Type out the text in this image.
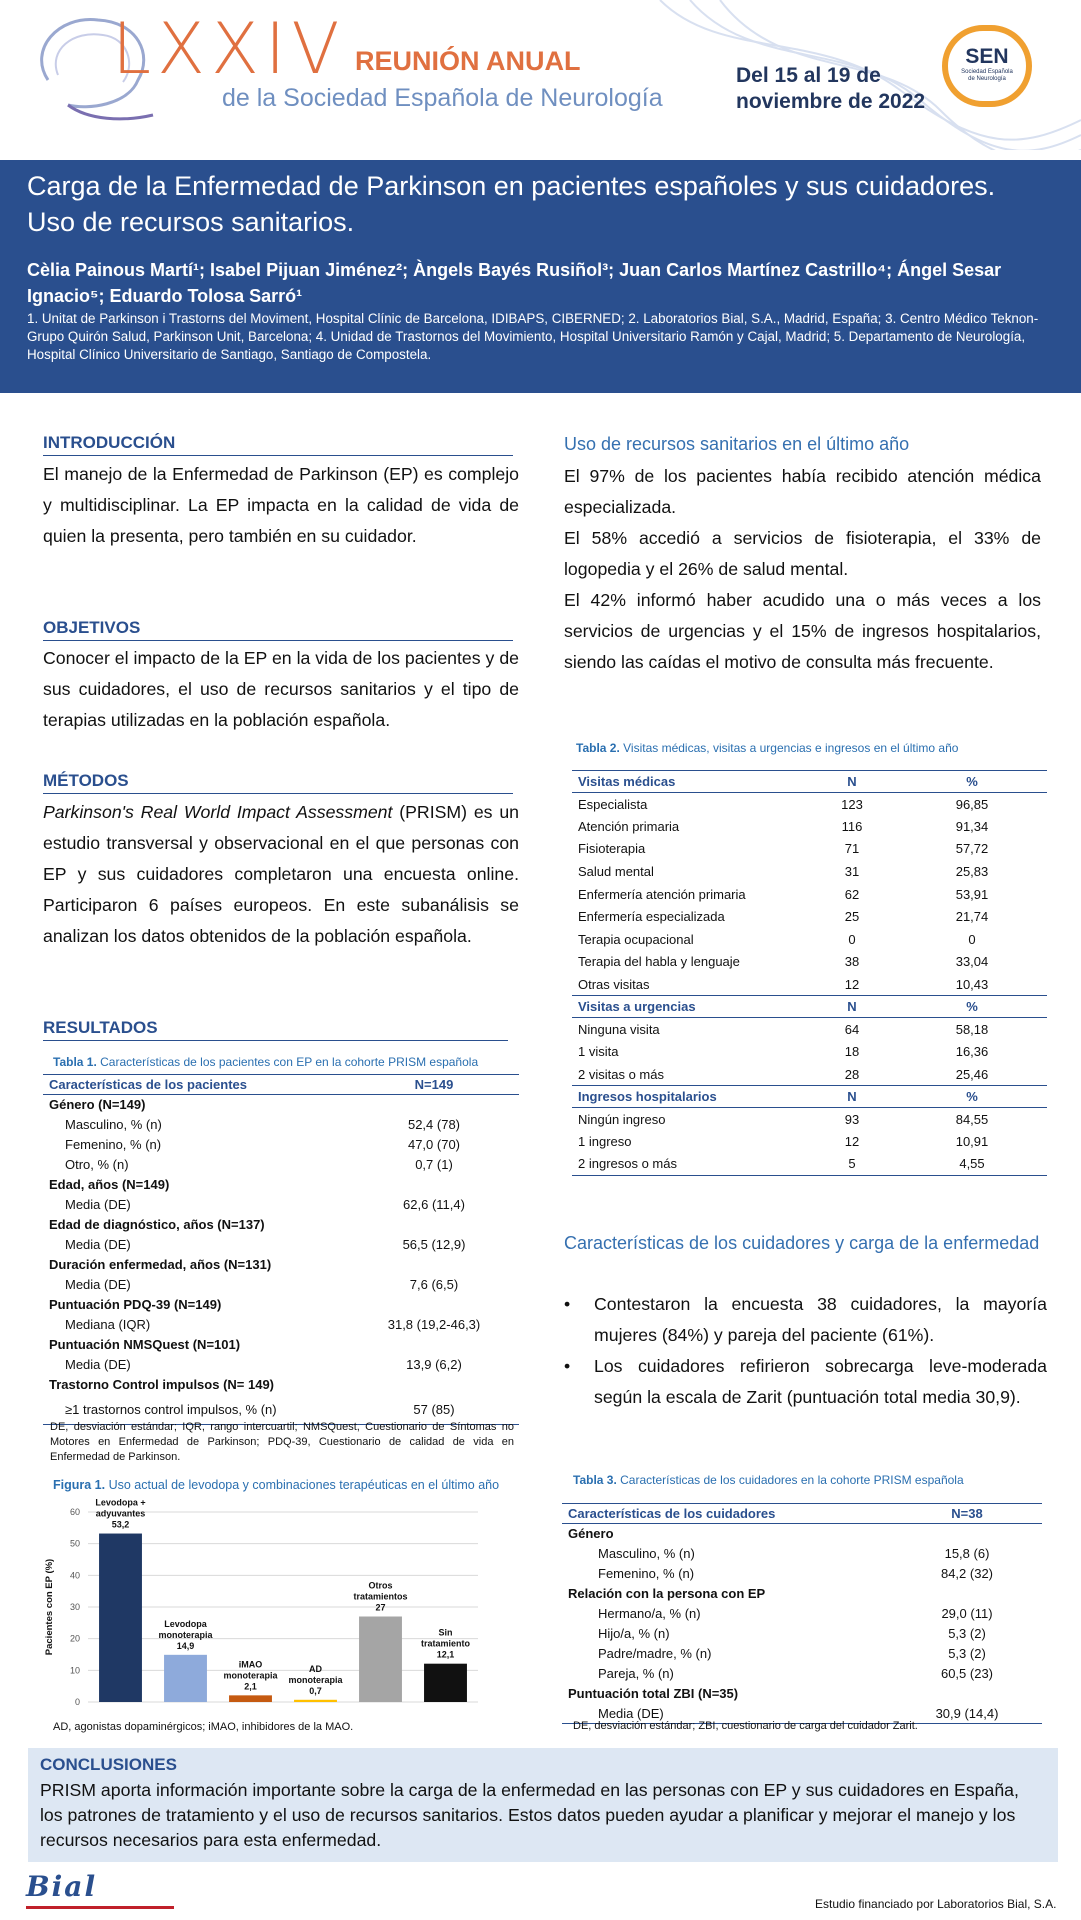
LXXIV REUNIÓN ANUAL
de la Sociedad Española de Neurología
Del 15 al 19 de
noviembre de 2022
SEN
Sociedad Española
de Neurología
Carga de la Enfermedad de Parkinson en pacientes españoles y sus cuidadores.
Uso de recursos sanitarios.
Cèlia Painous Martí¹; Isabel Pijuan Jiménez²; Àngels Bayés Rusiñol³; Juan Carlos Martínez Castrillo⁴; Ángel Sesar Ignacio⁵; Eduardo Tolosa Sarró¹
1. Unitat de Parkinson i Trastorns del Moviment, Hospital Clínic de Barcelona, IDIBAPS, CIBERNED; 2. Laboratorios Bial, S.A., Madrid, España; 3. Centro Médico Teknon-Grupo Quirón Salud, Parkinson Unit, Barcelona; 4. Unidad de Trastornos del Movimiento, Hospital Universitario Ramón y Cajal, Madrid; 5. Departamento de Neurología, Hospital Clínico Universitario de Santiago, Santiago de Compostela.
INTRODUCCIÓN
El manejo de la Enfermedad de Parkinson (EP) es complejo y multidisciplinar. La EP impacta en la calidad de vida de quien la presenta, pero también en su cuidador.
OBJETIVOS
Conocer el impacto de la EP en la vida de los pacientes y de sus cuidadores, el uso de recursos sanitarios y el tipo de terapias utilizadas en la población española.
MÉTODOS
Parkinson's Real World Impact Assessment (PRISM) es un estudio transversal y observacional en el que personas con EP y sus cuidadores completaron una encuesta online. Participaron 6 países europeos. En este subanálisis se analizan los datos obtenidos de la población española.
RESULTADOS
Tabla 1. Características de los pacientes con EP en la cohorte PRISM española
Características de los pacientes	N=149
Género (N=149)	
Masculino, % (n)	52,4 (78)
Femenino, % (n)	47,0 (70)
Otro, % (n)	0,7 (1)
Edad, años (N=149)	
Media (DE)	62,6 (11,4)
Edad de diagnóstico, años (N=137)	
Media (DE)	56,5 (12,9)
Duración enfermedad, años (N=131)	
Media (DE)	7,6 (6,5)
Puntuación PDQ-39 (N=149)	
Mediana (IQR)	31,8 (19,2-46,3)
Puntuación NMSQuest (N=101)	
Media (DE)	13,9 (6,2)
Trastorno Control impulsos (N= 149)	
≥1 trastornos control impulsos, % (n)	57 (85)
DE, desviación estándar; IQR, rango intercuartil; NMSQuest, Cuestionario de Síntomas no Motores en Enfermedad de Parkinson; PDQ-39, Cuestionario de calidad de vida en Enfermedad de Parkinson.
Figura 1. Uso actual de levodopa y combinaciones terapéuticas en el último año
0
10
20
30
40
50
60
Pacientes con EP (%)
Levodopa +
adyuvantes
53,2
Levodopa
monoterapia
14,9
iMAO
monoterapia
2,1
AD
monoterapia
0,7
Otros
tratamientos
27
Sin
tratamiento
12,1
AD, agonistas dopaminérgicos; iMAO, inhibidores de la MAO.
Uso de recursos sanitarios en el último año
El 97% de los pacientes había recibido atención médica especializada.
El 58% accedió a servicios de fisioterapia, el 33% de logopedia y el 26% de salud mental.
El 42% informó haber acudido una o más veces a los servicios de urgencias y el 15% de ingresos hospitalarios, siendo las caídas el motivo de consulta más frecuente.
Tabla 2. Visitas médicas, visitas a urgencias e ingresos en el último año
Visitas médicas	N	%
Especialista	123	96,85
Atención primaria	116	91,34
Fisioterapia	71	57,72
Salud mental	31	25,83
Enfermería atención primaria	62	53,91
Enfermería especializada	25	21,74
Terapia ocupacional	0	0
Terapia del habla y lenguaje	38	33,04
Otras visitas	12	10,43
Visitas a urgencias	N	%
Ninguna visita	64	58,18
1 visita	18	16,36
2 visitas o más	28	25,46
Ingresos hospitalarios	N	%
Ningún ingreso	93	84,55
1 ingreso	12	10,91
2 ingresos o más	5	4,55
Características de los cuidadores y carga de la enfermedad
• Contestaron la encuesta 38 cuidadores, la mayoría mujeres (84%) y pareja del paciente (61%).
• Los cuidadores refirieron sobrecarga leve-moderada según la escala de Zarit (puntuación total media 30,9).
Tabla 3. Características de los cuidadores en la cohorte PRISM española
Características de los cuidadores	N=38
Género	
Masculino, % (n)	15,8 (6)
Femenino, % (n)	84,2 (32)
Relación con la persona con EP	
Hermano/a, % (n)	29,0 (11)
Hijo/a, % (n)	5,3 (2)
Padre/madre, % (n)	5,3 (2)
Pareja, % (n)	60,5 (23)
Puntuación total ZBI (N=35)	
Media (DE)	30,9 (14,4)
DE, desviación estándar; ZBI, cuestionario de carga del cuidador Zarit.
CONCLUSIONES
PRISM aporta información importante sobre la carga de la enfermedad en las personas con EP y sus cuidadores en España, los patrones de tratamiento y el uso de recursos sanitarios. Estos datos pueden ayudar a planificar y mejorar el manejo y los recursos necesarios para esta enfermedad.
Bial
Estudio financiado por Laboratorios Bial, S.A.
